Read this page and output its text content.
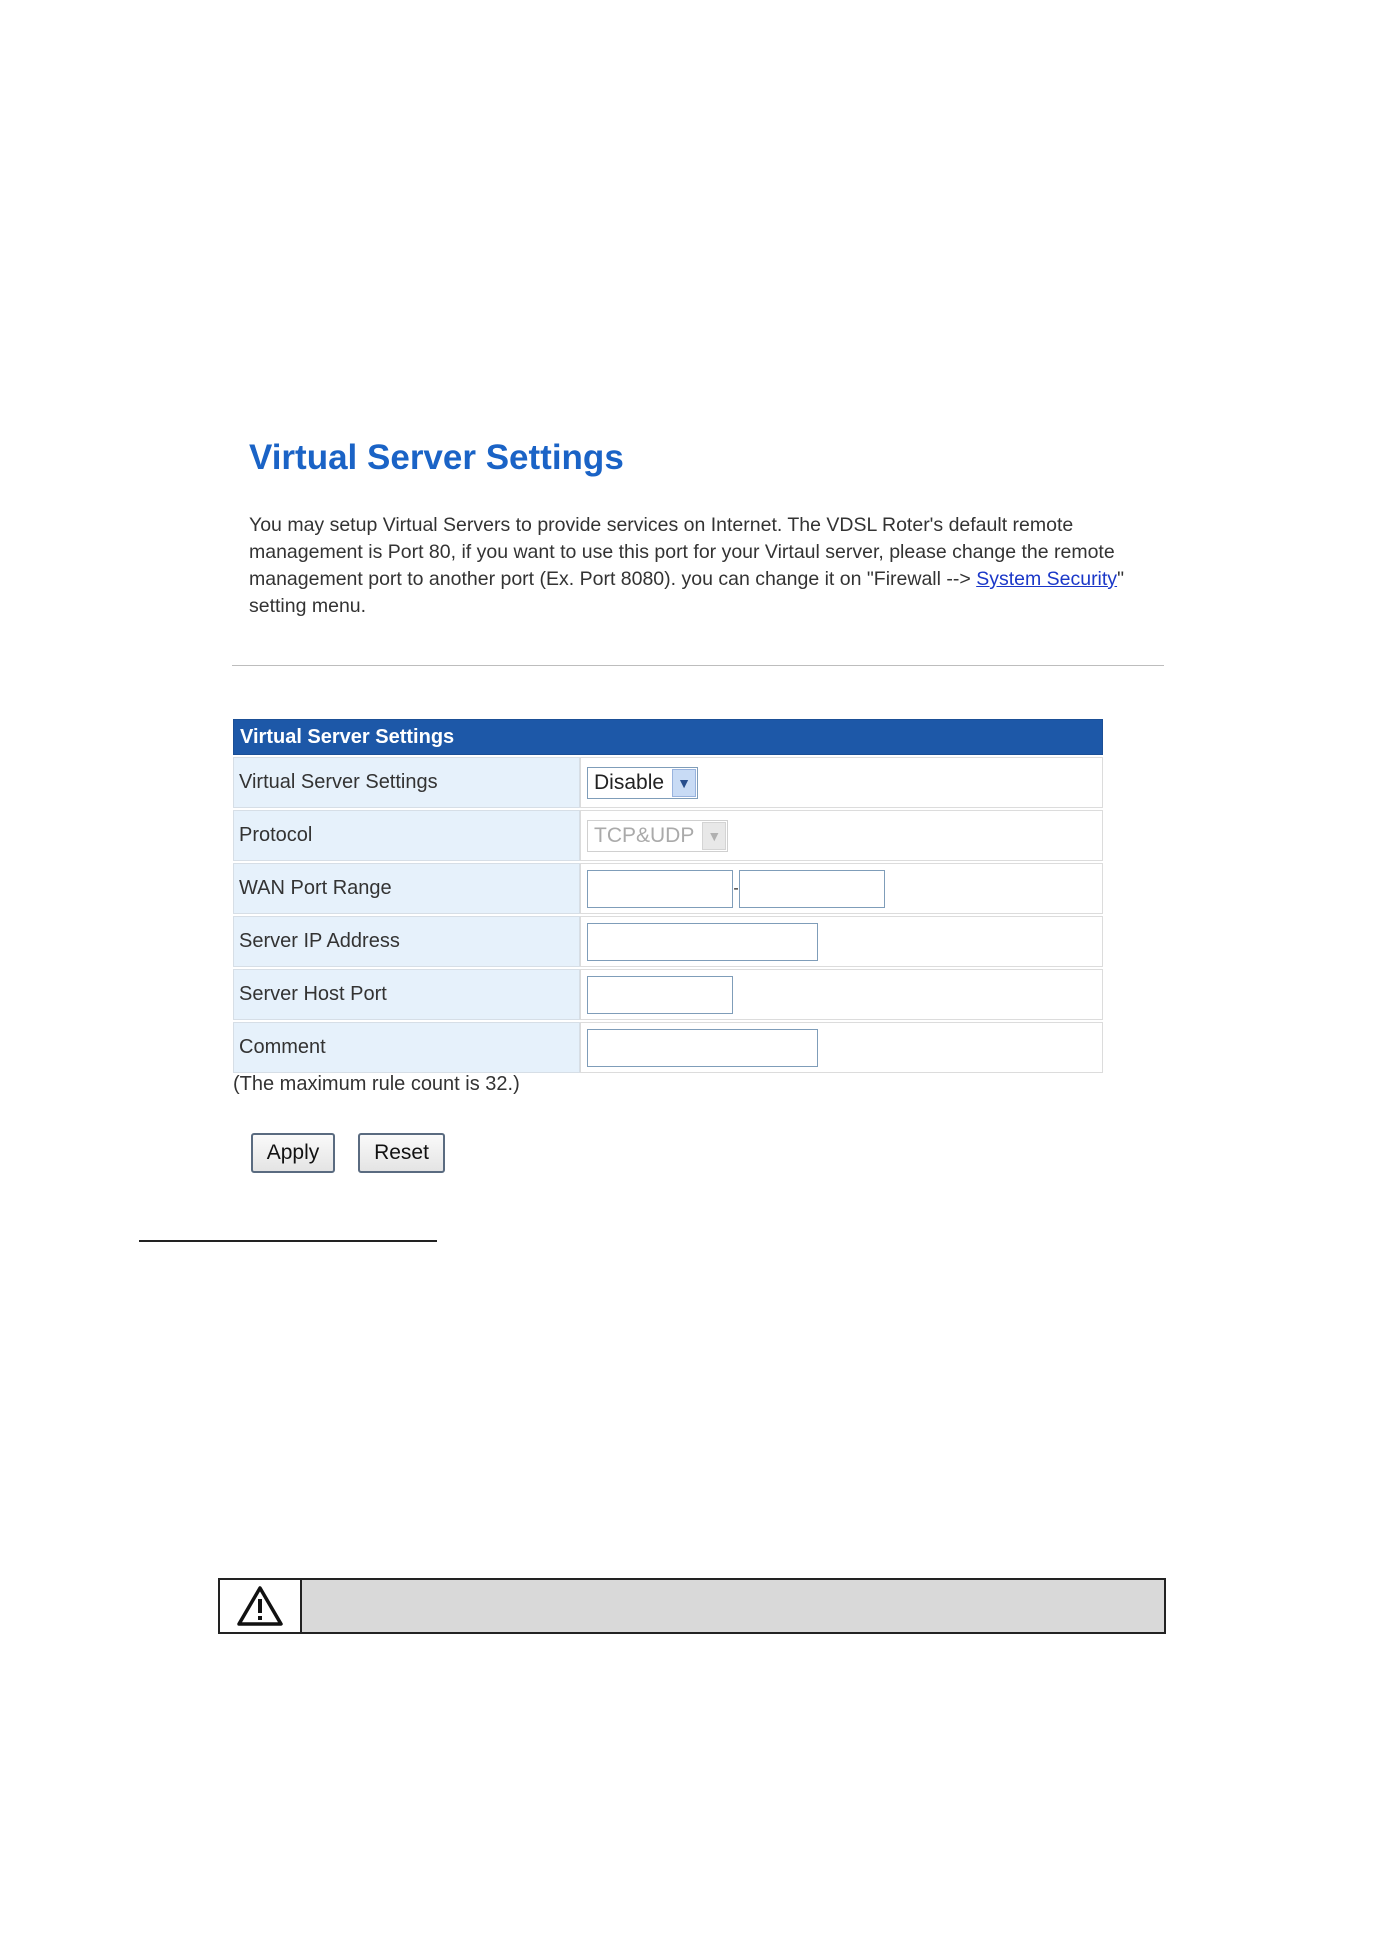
Virtual Server Settings

You may setup Virtual Servers to provide services on Internet. The VDSL Roter's default remote management is Port 80, if you want to use this port for your Virtaul server, please change the remote management port to another port (Ex. Port 8080). you can change it on "Firewall --> System Security" setting menu.

Virtual Server Settings	
Virtual Server Settings	Disable ▼

Protocol	TCP&UDP ▼

WAN Port Range	-
Server IP Address	
Server Host Port	
Comment	

(The maximum rule count is 32.)

Apply	Reset
